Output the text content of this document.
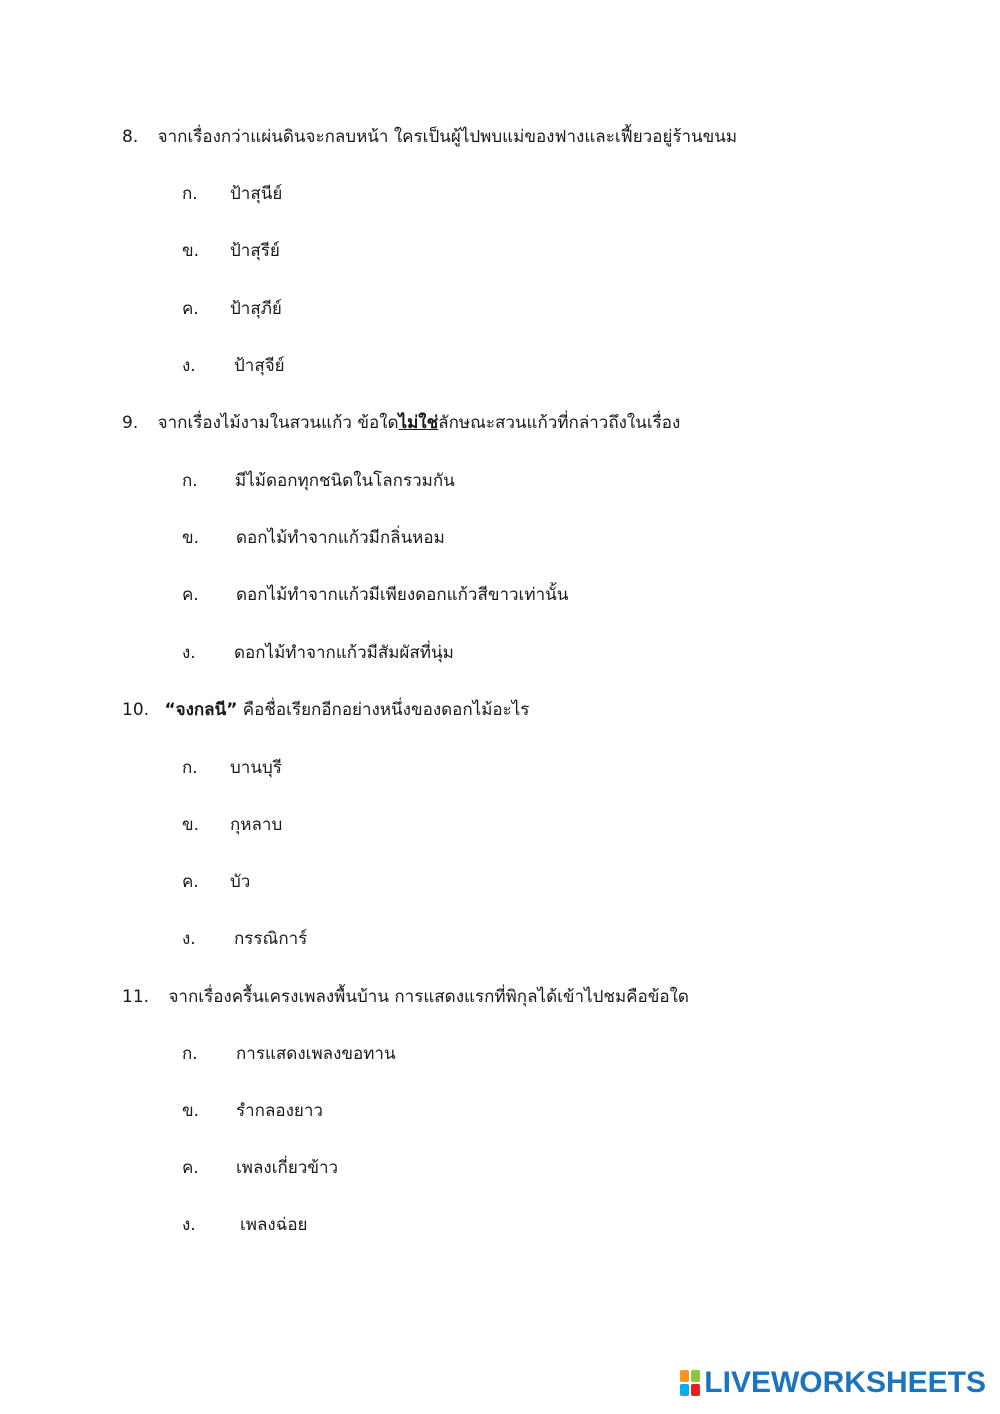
8. จากเรื่องกว่าแผ่นดินจะกลบหน้า ใครเป็นผู้ไปพบแม่ของฟางและเฟี้ยวอยู่ร้านขนม
ก. ป้าสุนีย์
ข. ป้าสุรีย์
ค. ป้าสุภีย์
ง. ป้าสุจีย์
9. จากเรื่องไม้งามในสวนแก้ว ข้อใดไม่ใช่ลักษณะสวนแก้วที่กล่าวถึงในเรื่อง
ก. มีไม้ดอกทุกชนิดในโลกรวมกัน
ข. ดอกไม้ทำจากแก้วมีกลิ่นหอม
ค. ดอกไม้ทำจากแก้วมีเพียงดอกแก้วสีขาวเท่านั้น
ง. ดอกไม้ทำจากแก้วมีสัมผัสที่นุ่ม
10. “จงกลนี” คือชื่อเรียกอีกอย่างหนึ่งของดอกไม้อะไร
ก. บานบุรี
ข. กุหลาบ
ค. บัว
ง. กรรณิการ์
11. จากเรื่องครื้นเครงเพลงพื้นบ้าน การแสดงแรกที่พิกุลได้เข้าไปชมคือข้อใด
ก. การแสดงเพลงขอทาน
ข. รำกลองยาว
ค. เพลงเกี่ยวข้าว
ง.	เพลงฉ่อย
LIVEWORKSHEETS
